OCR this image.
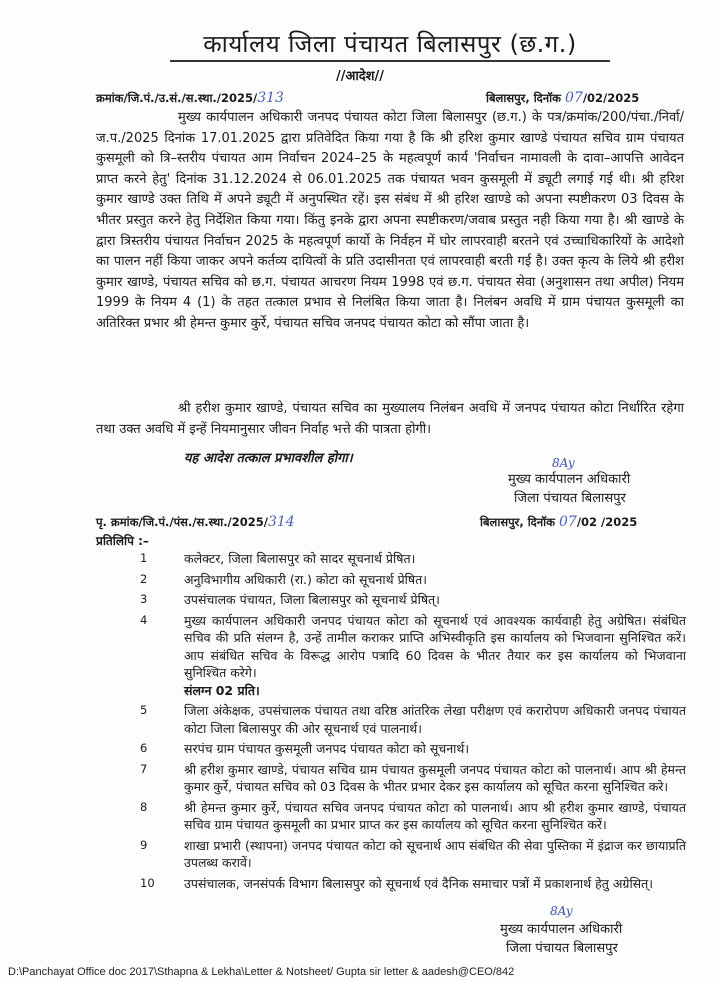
कार्यालय जिला पंचायत बिलासपुर (छ.ग.)
//आदेश//
क्रमांक/जि.पं./उ.सं./स.स्था./2025/313	बिलासपुर, दिनॉक 07/02/2025
मुख्य कार्यपालन अधिकारी जनपद पंचायत कोटा जिला बिलासपुर (छ.ग.) के पत्र/क्रमांक/200/पंचा./निर्वा/ज.प./2025 दिनांक 17.01.2025 द्वारा प्रतिवेदित किया गया है कि श्री हरिश कुमार खाण्डे पंचायत सचिव ग्राम पंचायत कुसमूली को त्रि–स्तरीय पंचायत आम निर्वाचन 2024–25 के महत्वपूर्ण कार्य 'निर्वाचन नामावली के दावा–आपत्ति आवेदन प्राप्त करने हेतु' दिनांक 31.12.2024 से 06.01.2025 तक पंचायत भवन कुसमूली में ड्यूटी लगाई गई थी। श्री हरिश कुमार खाण्डे उक्त तिथि में अपने ड्यूटी में अनुपस्थित रहें। इस संबंध में श्री हरिश खाण्डे को अपना स्पष्टीकरण 03 दिवस के भीतर प्रस्तुत करने हेतु निर्देशित किया गया। किंतु इनके द्वारा अपना स्पष्टीकरण/जवाब प्रस्तुत नही किया गया है। श्री खाण्डे के द्वारा त्रिस्तरीय पंचायत निर्वाचन 2025 के महत्वपूर्ण कार्यो के निर्वहन में घोर लापरवाही बरतने एवं उच्चाधिकारियों के आदेशो का पालन नहीं किया जाकर अपने कर्तव्य दायित्वों के प्रति उदासीनता एवं लापरवाही बरती गई है। उक्त कृत्य के लिये श्री हरीश कुमार खाण्डे, पंचायत सचिव को छ.ग. पंचायत आचरण नियम 1998 एवं छ.ग. पंचायत सेवा (अनुशासन तथा अपील) नियम 1999 के नियम 4 (1) के तहत तत्काल प्रभाव से निलंबित किया जाता है। निलंबन अवधि में ग्राम पंचायत कुसमूली का अतिरिक्त प्रभार श्री हेमन्त कुमार कुर्रे, पंचायत सचिव जनपद पंचायत कोटा को सौंपा जाता है।
श्री हरीश कुमार खाण्डे, पंचायत सचिव का मुख्यालय निलंबन अवधि में जनपद पंचायत कोटा निर्धारित रहेगा तथा उक्त अवधि में इन्हें नियमानुसार जीवन निर्वाह भत्ते की पात्रता होगी।
यह आदेश तत्काल प्रभावशील होगा।	8Ay
मुख्य कार्यपालन अधिकारी
जिला पंचायत बिलासपुर
पृ. क्रमांक/जि.पं./पंस./स.स्था./2025/314	बिलासपुर, दिनॉक 07/02 /2025
प्रतिलिपि :–
1	कलेक्टर, जिला बिलासपुर को सादर सूचनार्थ प्रेषित।
2	अनुविभागीय अधिकारी (रा.) कोटा को सूचनार्थ प्रेषित।
3	उपसंचालक पंचायत, जिला बिलासपुर को सूचनार्थ प्रेषित्।
4	मुख्य कार्यपालन अधिकारी जनपद पंचायत कोटा को सूचनार्थ एवं आवश्यक कार्यवाही हेतु अग्रेषित। संबंधित सचिव की प्रति संलग्न है, उन्हें तामील कराकर प्राप्ति अभिस्वीकृति इस कार्यालय को भिजवाना सुनिश्चित करें। आप संबंधित सचिव के विरूद्ध आरोप पत्रादि 60 दिवस के भीतर तैयार कर इस कार्यालय को भिजवाना सुनिश्चित करेगे।
संलग्न 02 प्रति।
5	जिला अंकेक्षक, उपसंचालक पंचायत तथा वरिष्ठ आंतरिक लेखा परीक्षण एवं करारोपण अधिकारी जनपद पंचायत कोटा जिला बिलासपुर की ओर सूचनार्थ एवं पालनार्थ।
6	सरपंच ग्राम पंचायत कुसमूली जनपद पंचायत कोटा को सूचनार्थ।
7	श्री हरीश कुमार खाण्डे, पंचायत सचिव ग्राम पंचायत कुसमूली जनपद पंचायत कोटा को पालनार्थ। आप श्री हेमन्त कुमार कुर्रे, पंचायत सचिव को 03 दिवस के भीतर प्रभार देकर इस कार्यालय को सूचित करना सुनिश्चित करे।
8	श्री हेमन्त कुमार कुर्रे, पंचायत सचिव जनपद पंचायत कोटा को पालनार्थ। आप श्री हरीश कुमार खाण्डे, पंचायत सचिव ग्राम पंचायत कुसमूली का प्रभार प्राप्त कर इस कार्यालय को सूचित करना सुनिश्चित करें।
9	शाखा प्रभारी (स्थापना) जनपद पंचायत कोटा को सूचनार्थ आप संबंधित की सेवा पुस्तिका में इंद्राज कर छायाप्रति उपलब्ध करावें।
10	उपसंचालक, जनसंपर्क विभाग बिलासपुर को सूचनार्थ एवं दैनिक समाचार पत्रों में प्रकाशनार्थ हेतु अग्रेसित्।
8Ay
मुख्य कार्यपालन अधिकारी
जिला पंचायत बिलासपुर
D:\Panchayat Office doc 2017\Sthapna & Lekha\Letter & Notsheet/ Gupta sir letter & aadesh@CEO/842
